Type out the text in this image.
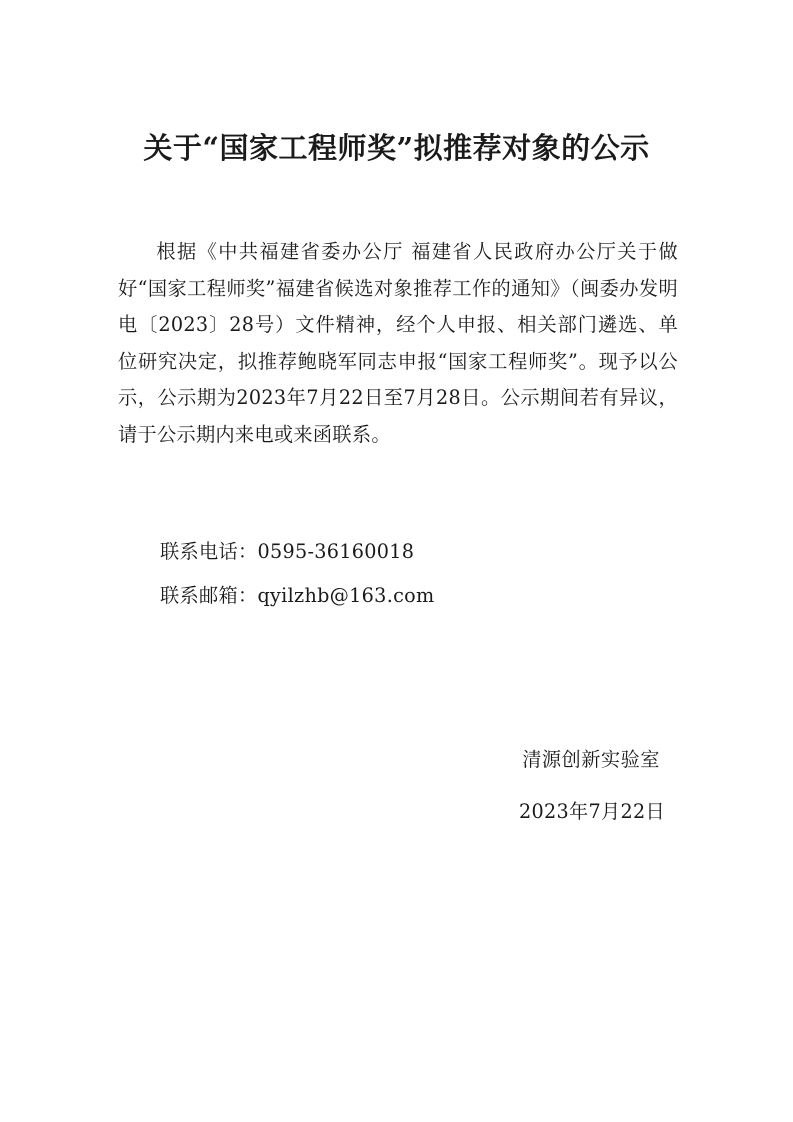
关于“国家工程师奖”拟推荐对象的公示

根据《中共福建省委办公厅 福建省人民政府办公厅关于做好“国家工程师奖”福建省候选对象推荐工作的通知》（闽委办发明电〔2023〕28号）文件精神，经个人申报、相关部门遴选、单位研究决定，拟推荐鲍晓军同志申报“国家工程师奖”。现予以公示，公示期为2023年7月22日至7月28日。公示期间若有异议，请于公示期内来电或来函联系。

联系电话：0595-36160018
联系邮箱：qyilzhb@163.com
清源创新实验室
2023年7月22日
